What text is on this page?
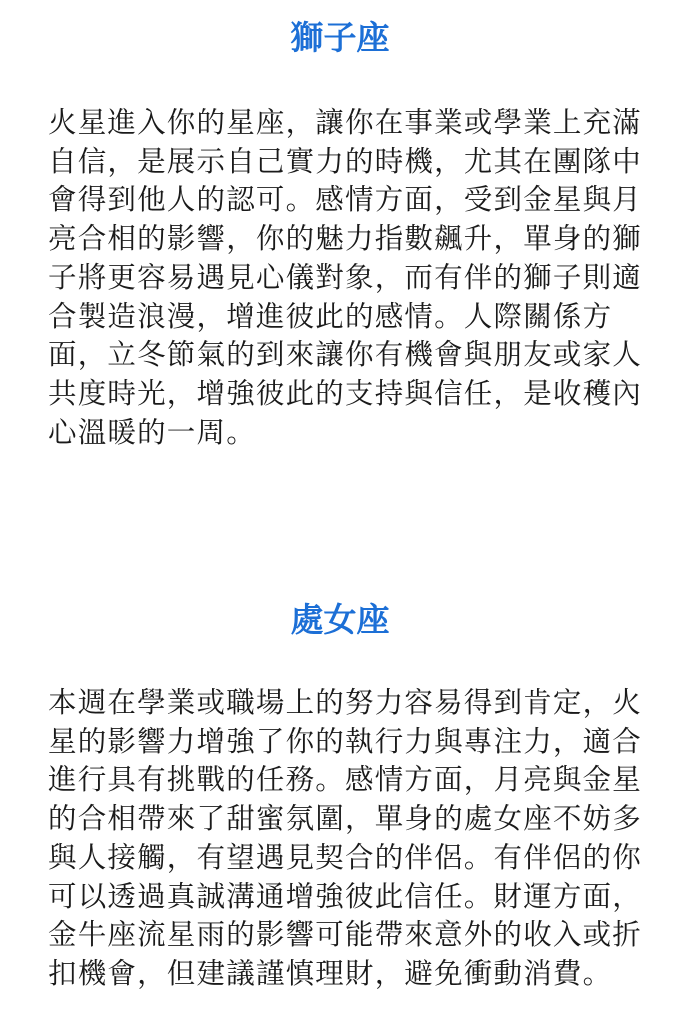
獅子座
火星進入你的星座，讓你在事業或學業上充滿
自信，是展示自己實力的時機，尤其在團隊中
會得到他人的認可。感情方面，受到金星與月
亮合相的影響，你的魅力指數飆升，單身的獅
子將更容易遇見心儀對象，而有伴的獅子則適
合製造浪漫，增進彼此的感情。人際關係方
面，立冬節氣的到來讓你有機會與朋友或家人
共度時光，增強彼此的支持與信任，是收穫內
心溫暖的一周。
處女座
本週在學業或職場上的努力容易得到肯定，火
星的影響力增強了你的執行力與專注力，適合
進行具有挑戰的任務。感情方面，月亮與金星
的合相帶來了甜蜜氛圍，單身的處女座不妨多
與人接觸，有望遇見契合的伴侶。有伴侶的你
可以透過真誠溝通增強彼此信任。財運方面，
金牛座流星雨的影響可能帶來意外的收入或折
扣機會，但建議謹慎理財，避免衝動消費。
